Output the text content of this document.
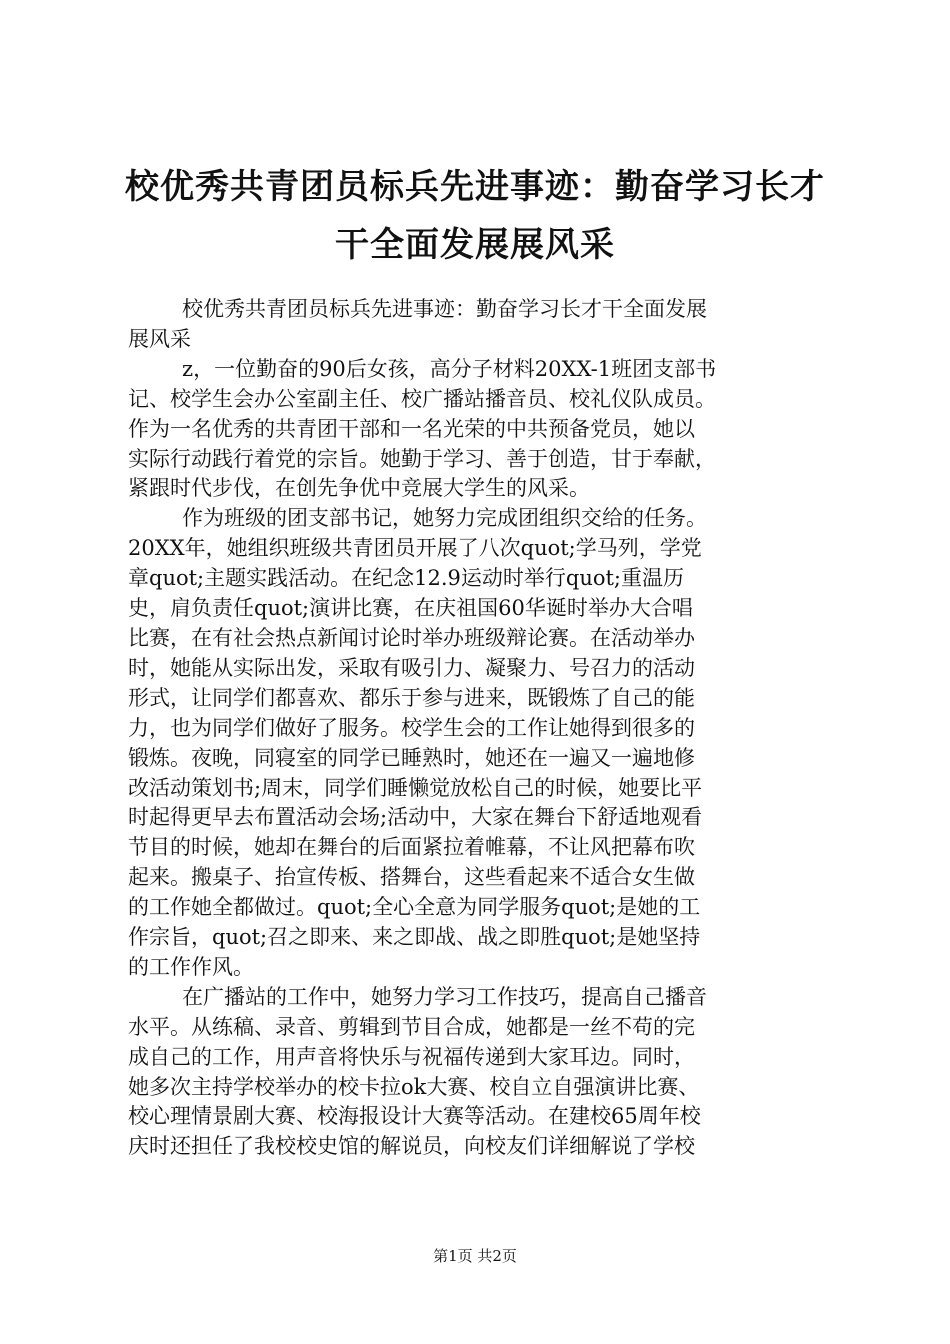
校优秀共青团员标兵先进事迹：勤奋学习长才
干全面发展展风采
校优秀共青团员标兵先进事迹：勤奋学习长才干全面发展
展风采
z，一位勤奋的90后女孩，高分子材料20XX-1班团支部书
记、校学生会办公室副主任、校广播站播音员、校礼仪队成员。
作为一名优秀的共青团干部和一名光荣的中共预备党员，她以
实际行动践行着党的宗旨。她勤于学习、善于创造，甘于奉献，
紧跟时代步伐，在创先争优中竞展大学生的风采。
作为班级的团支部书记，她努力完成团组织交给的任务。
20XX年，她组织班级共青团员开展了八次quot;学马列，学党
章quot;主题实践活动。在纪念12.9运动时举行quot;重温历
史，肩负责任quot;演讲比赛，在庆祖国60华诞时举办大合唱
比赛，在有社会热点新闻讨论时举办班级辩论赛。在活动举办
时，她能从实际出发，采取有吸引力、凝聚力、号召力的活动
形式，让同学们都喜欢、都乐于参与进来，既锻炼了自己的能
力，也为同学们做好了服务。校学生会的工作让她得到很多的
锻炼。夜晚，同寝室的同学已睡熟时，她还在一遍又一遍地修
改活动策划书;周末，同学们睡懒觉放松自己的时候，她要比平
时起得更早去布置活动会场;活动中，大家在舞台下舒适地观看
节目的时候，她却在舞台的后面紧拉着帷幕，不让风把幕布吹
起来。搬桌子、抬宣传板、搭舞台，这些看起来不适合女生做
的工作她全都做过。quot;全心全意为同学服务quot;是她的工
作宗旨，quot;召之即来、来之即战、战之即胜quot;是她坚持
的工作作风。
在广播站的工作中，她努力学习工作技巧，提高自己播音
水平。从练稿、录音、剪辑到节目合成，她都是一丝不苟的完
成自己的工作，用声音将快乐与祝福传递到大家耳边。同时，
她多次主持学校举办的校卡拉ok大赛、校自立自强演讲比赛、
校心理情景剧大赛、校海报设计大赛等活动。在建校65周年校
庆时还担任了我校校史馆的解说员，向校友们详细解说了学校
第1页 共2页
